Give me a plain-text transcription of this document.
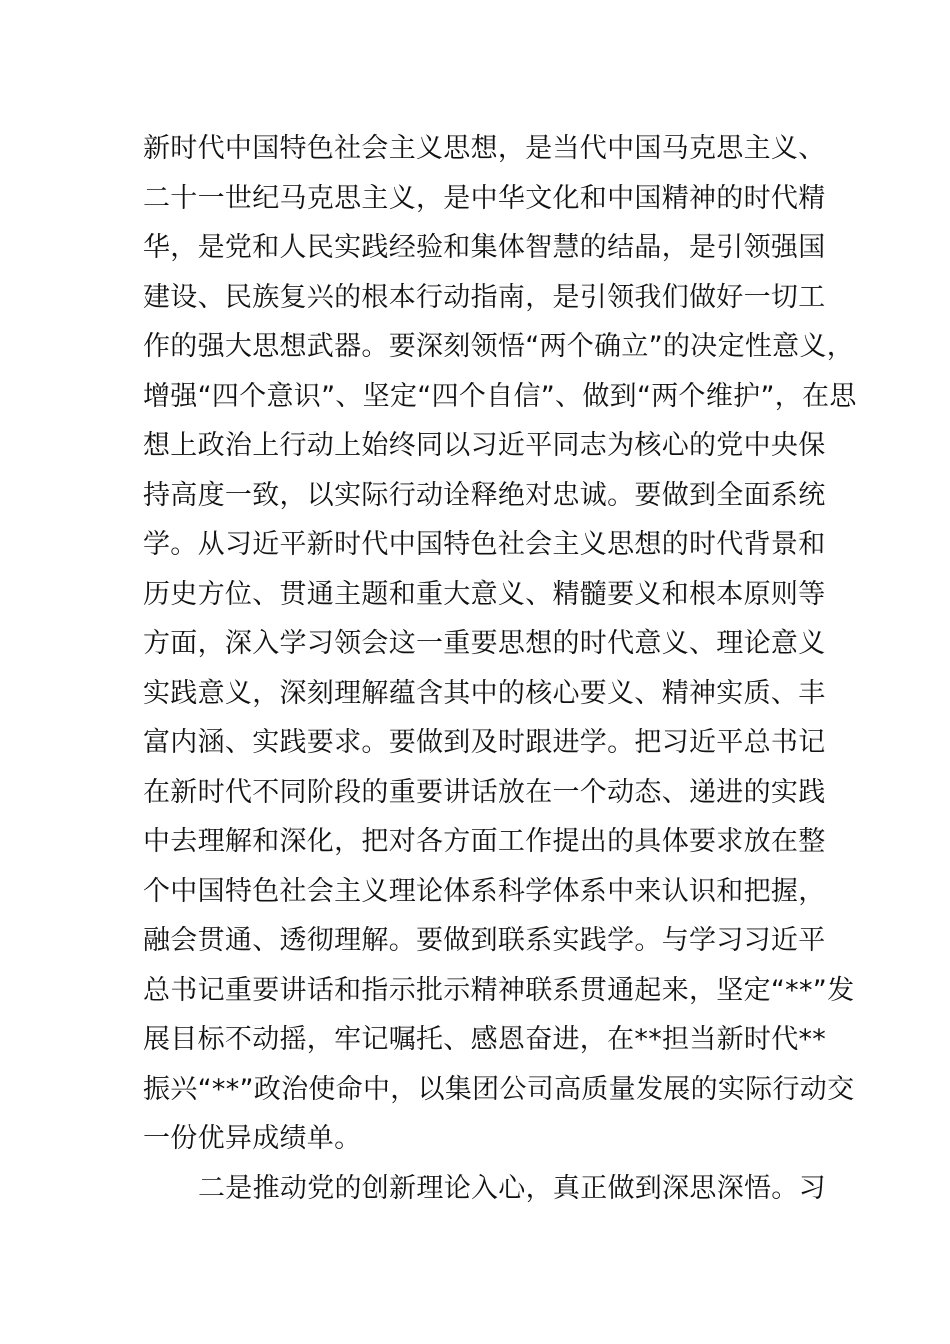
新时代中国特色社会主义思想，是当代中国马克思主义、
二十一世纪马克思主义，是中华文化和中国精神的时代精
华，是党和人民实践经验和集体智慧的结晶，是引领强国
建设、民族复兴的根本行动指南，是引领我们做好一切工
作的强大思想武器。要深刻领悟“两个确立”的决定性意义，
增强“四个意识”、坚定“四个自信”、做到“两个维护”，在思
想上政治上行动上始终同以习近平同志为核心的党中央保
持高度一致，以实际行动诠释绝对忠诚。要做到全面系统
学。从习近平新时代中国特色社会主义思想的时代背景和
历史方位、贯通主题和重大意义、精髓要义和根本原则等
方面，深入学习领会这一重要思想的时代意义、理论意义
实践意义，深刻理解蕴含其中的核心要义、精神实质、丰
富内涵、实践要求。要做到及时跟进学。把习近平总书记
在新时代不同阶段的重要讲话放在一个动态、递进的实践
中去理解和深化，把对各方面工作提出的具体要求放在整
个中国特色社会主义理论体系科学体系中来认识和把握，
融会贯通、透彻理解。要做到联系实践学。与学习习近平
总书记重要讲话和指示批示精神联系贯通起来，坚定“**”发
展目标不动摇，牢记嘱托、感恩奋进，在**担当新时代**
振兴“**”政治使命中，以集团公司高质量发展的实际行动交
一份优异成绩单。
二是推动党的创新理论入心，真正做到深思深悟。习
